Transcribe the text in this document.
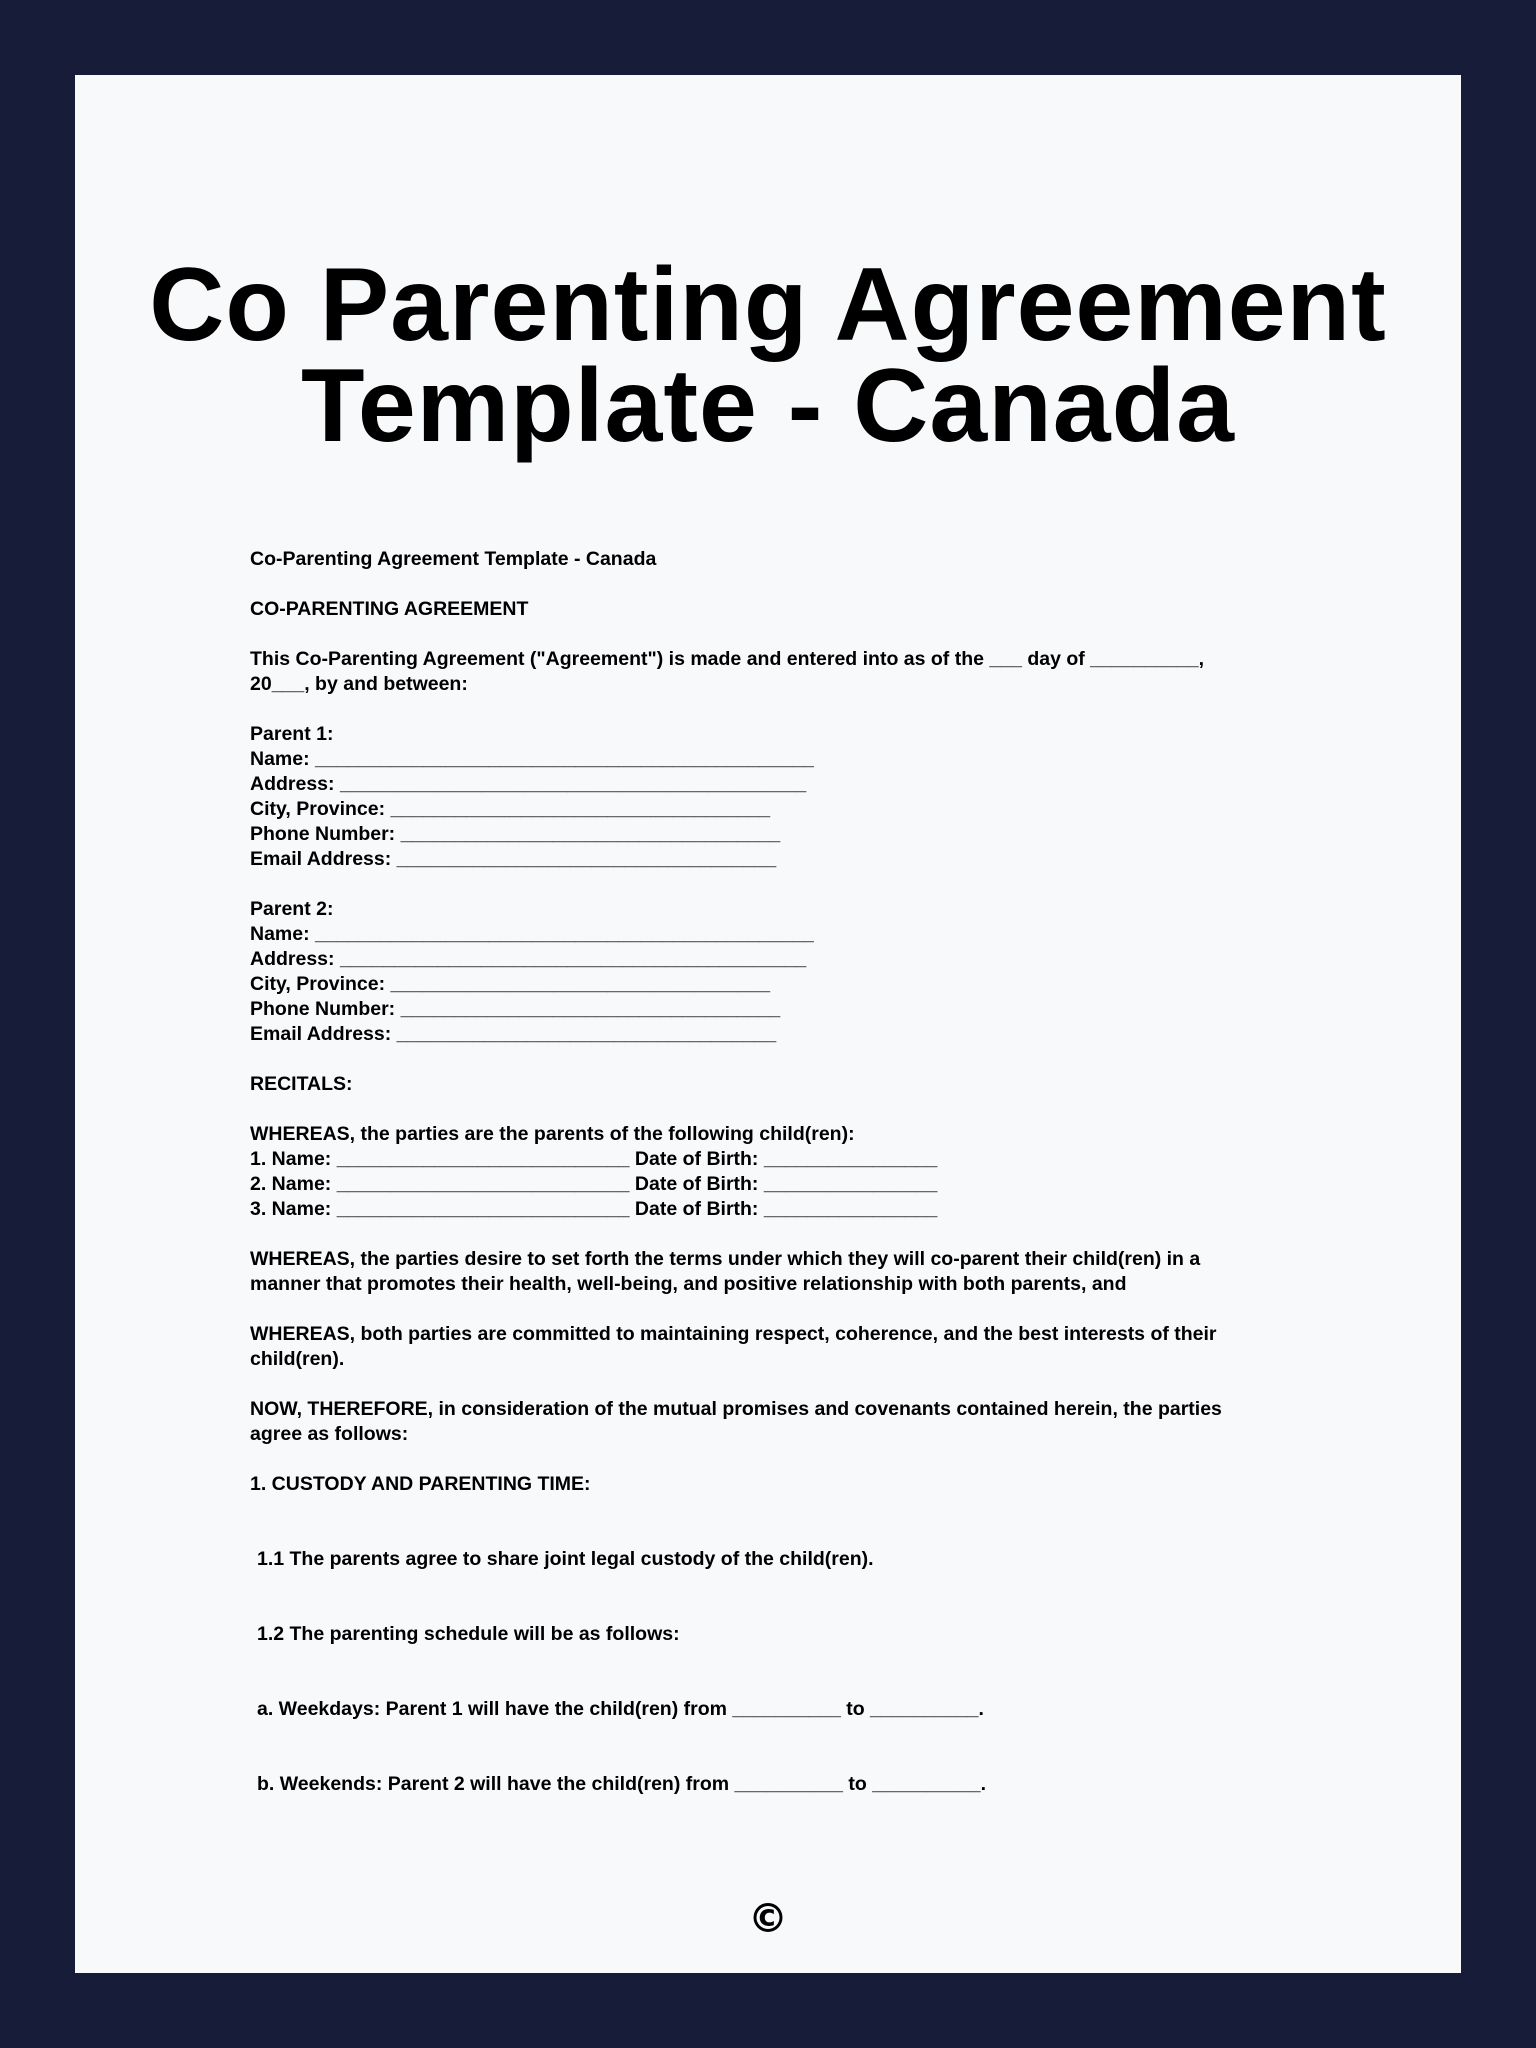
Co Parenting Agreement
Template - Canada
Co-Parenting Agreement Template - Canada
CO-PARENTING AGREEMENT
This Co-Parenting Agreement ("Agreement") is made and entered into as of the ___ day of __________,
20___, by and between:
Parent 1:
Name: ______________________________________________
Address: ___________________________________________
City, Province: ___________________________________
Phone Number: ___________________________________
Email Address: ___________________________________
Parent 2:
Name: ______________________________________________
Address: ___________________________________________
City, Province: ___________________________________
Phone Number: ___________________________________
Email Address: ___________________________________
RECITALS:
WHEREAS, the parties are the parents of the following child(ren):
1. Name: ___________________________ Date of Birth: ________________
2. Name: ___________________________ Date of Birth: ________________
3. Name: ___________________________ Date of Birth: ________________
WHEREAS, the parties desire to set forth the terms under which they will co-parent their child(ren) in a
manner that promotes their health, well-being, and positive relationship with both parents, and
WHEREAS, both parties are committed to maintaining respect, coherence, and the best interests of their
child(ren).
NOW, THEREFORE, in consideration of the mutual promises and covenants contained herein, the parties
agree as follows:
1. CUSTODY AND PARENTING TIME:
1.1 The parents agree to share joint legal custody of the child(ren).
1.2 The parenting schedule will be as follows:
a. Weekdays: Parent 1 will have the child(ren) from __________ to __________.
b. Weekends: Parent 2 will have the child(ren) from __________ to __________.
©
